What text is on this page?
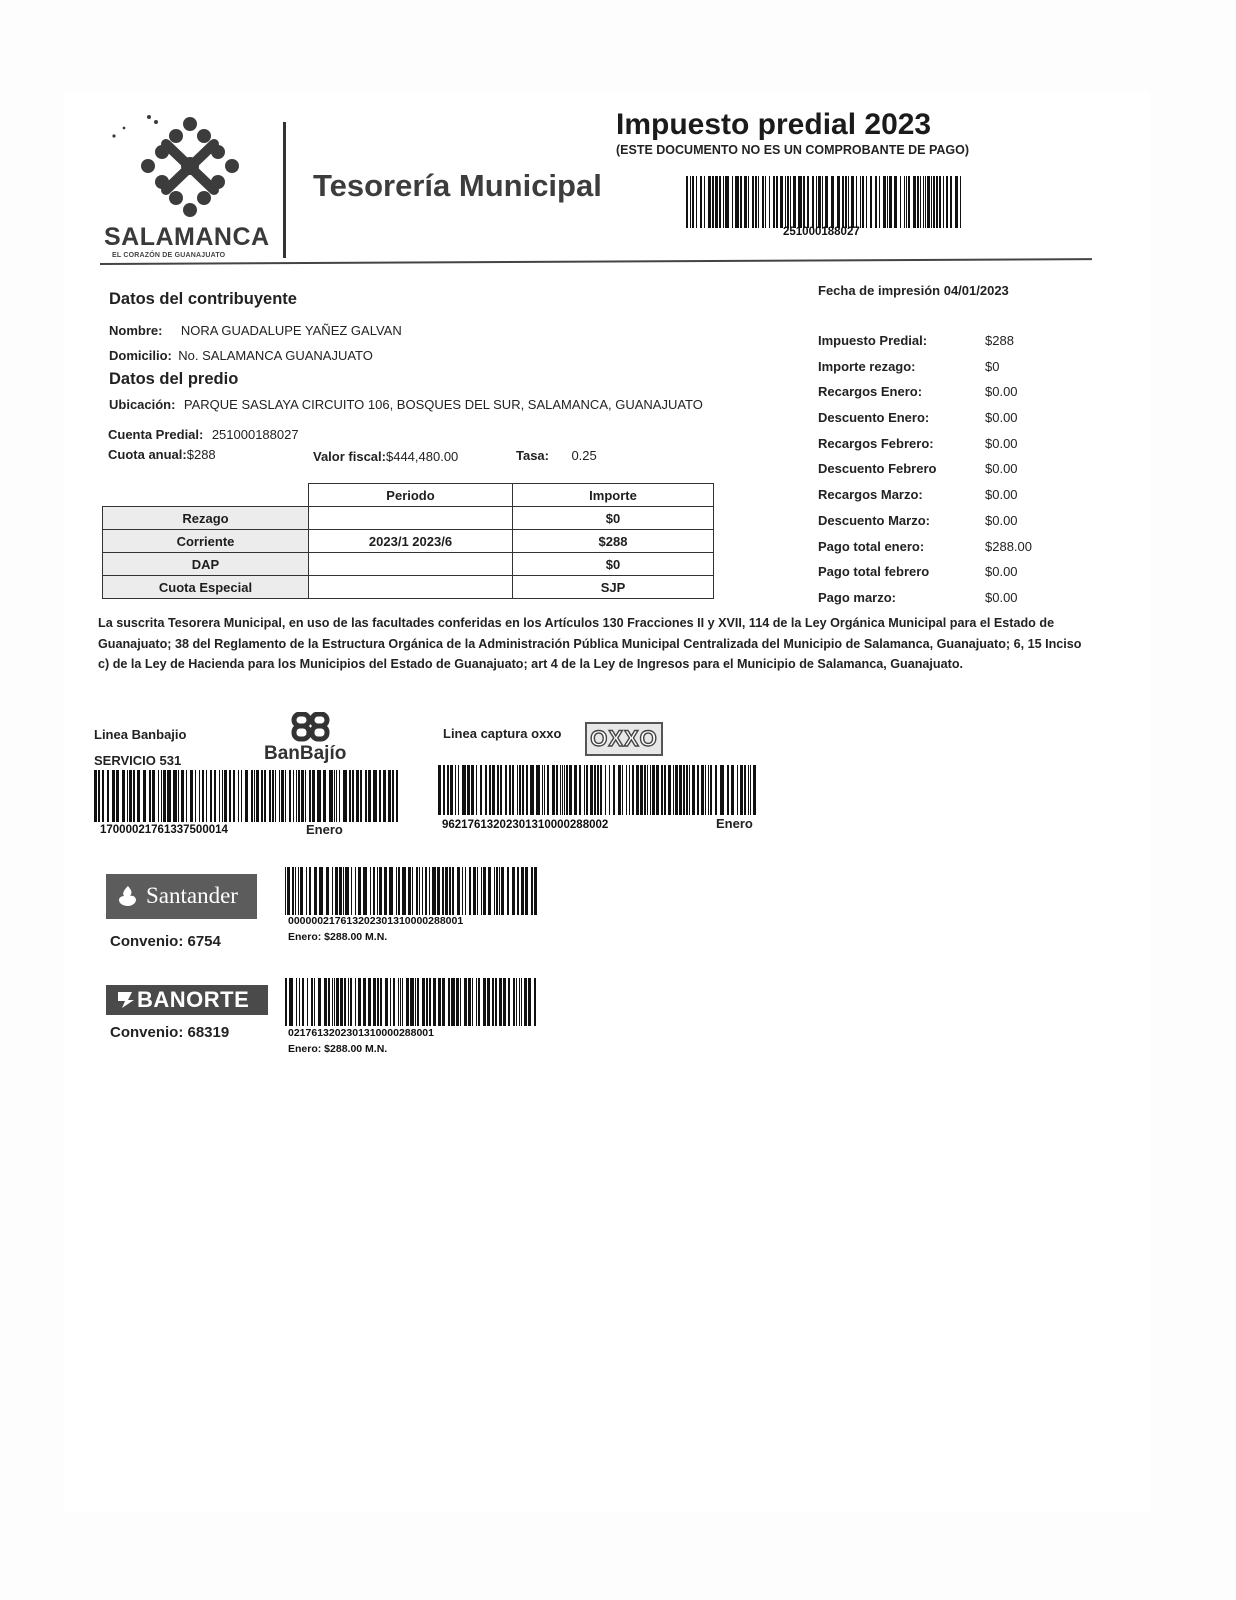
SALAMANCA
EL CORAZÓN DE GUANAJUATO
Tesorería Municipal
Impuesto predial 2023
(ESTE DOCUMENTO NO ES UN COMPROBANTE DE PAGO)
251000188027
Fecha de impresión 04/01/2023
Datos del contribuyente
Nombre: NORA GUADALUPE YAÑEZ GALVAN
Domicilio: No. SALAMANCA GUANAJUATO
Datos del predio
Ubicación: PARQUE SASLAYA CIRCUITO 106, BOSQUES DEL SUR, SALAMANCA, GUANAJUATO
Cuenta Predial: 251000188027
Cuota anual:$288	Valor fiscal:$444,480.00	Tasa: 0.25
	Periodo	Importe
Rezago		$0
Corriente	2023/1 2023/6	$288
DAP		$0
Cuota Especial		SJP
Impuesto Predial:	$288
Importe rezago:	$0
Recargos Enero:	$0.00
Descuento Enero:	$0.00
Recargos Febrero:	$0.00
Descuento Febrero	$0.00
Recargos Marzo:	$0.00
Descuento Marzo:	$0.00
Pago total enero:	$288.00
Pago total febrero	$0.00
Pago marzo:	$0.00
La suscrita Tesorera Municipal, en uso de las facultades conferidas en los Artículos 130 Fracciones II y XVII, 114 de la Ley Orgánica Municipal para el Estado de Guanajuato; 38 del Reglamento de la Estructura Orgánica de la Administración Pública Municipal Centralizada del Municipio de Salamanca, Guanajuato; 6, 15 Inciso c) de la Ley de Hacienda para los Municipios del Estado de Guanajuato; art 4 de la Ley de Ingresos para el Municipio de Salamanca, Guanajuato.
Linea Banbajio
SERVICIO 531	BanBajío
17000021761337500014	Enero
Linea captura oxxo OXXO
9621761320230131000028800​2	Enero
Santander
Convenio: 6754
00000021761320230131000028800​1
Enero: $288.00 M.N.
BANORTE
Convenio: 68319	02176132023013100002880​01
Enero: $288.00 M.N.
